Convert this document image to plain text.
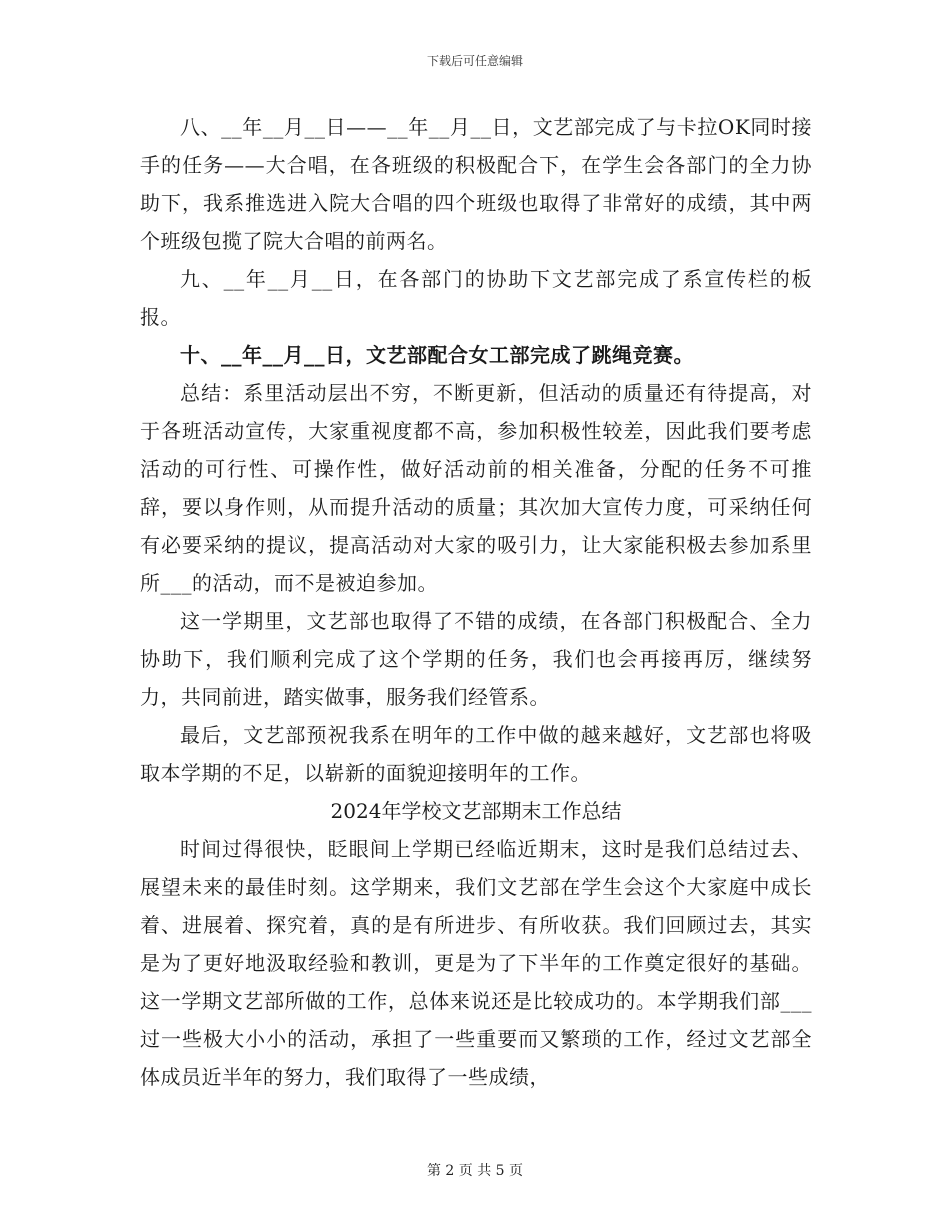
下载后可任意编辑

八、__年__月__日——__年__月__日，文艺部完成了与卡拉OK同时接手的任务——大合唱，在各班级的积极配合下，在学生会各部门的全力协助下，我系推选进入院大合唱的四个班级也取得了非常好的成绩，其中两个班级包揽了院大合唱的前两名。

九、__年__月__日，在各部门的协助下文艺部完成了系宣传栏的板报。

十、__年__月__日，文艺部配合女工部完成了跳绳竞赛。

总结：系里活动层出不穷，不断更新，但活动的质量还有待提高，对于各班活动宣传，大家重视度都不高，参加积极性较差，因此我们要考虑活动的可行性、可操作性，做好活动前的相关准备，分配的任务不可推辞，要以身作则，从而提升活动的质量；其次加大宣传力度，可采纳任何有必要采纳的提议，提高活动对大家的吸引力，让大家能积极去参加系里所___的活动，而不是被迫参加。

这一学期里，文艺部也取得了不错的成绩，在各部门积极配合、全力协助下，我们顺利完成了这个学期的任务，我们也会再接再厉，继续努力，共同前进，踏实做事，服务我们经管系。

最后，文艺部预祝我系在明年的工作中做的越来越好，文艺部也将吸取本学期的不足，以崭新的面貌迎接明年的工作。

2024年学校文艺部期末工作总结

时间过得很快，眨眼间上学期已经临近期末，这时是我们总结过去、展望未来的最佳时刻。这学期来，我们文艺部在学生会这个大家庭中成长着、进展着、探究着，真的是有所进步、有所收获。我们回顾过去，其实是为了更好地汲取经验和教训，更是为了下半年的工作奠定很好的基础。这一学期文艺部所做的工作，总体来说还是比较成功的。本学期我们部___过一些极大小小的活动，承担了一些重要而又繁琐的工作，经过文艺部全体成员近半年的努力，我们取得了一些成绩，

第 2 页 共 5 页
